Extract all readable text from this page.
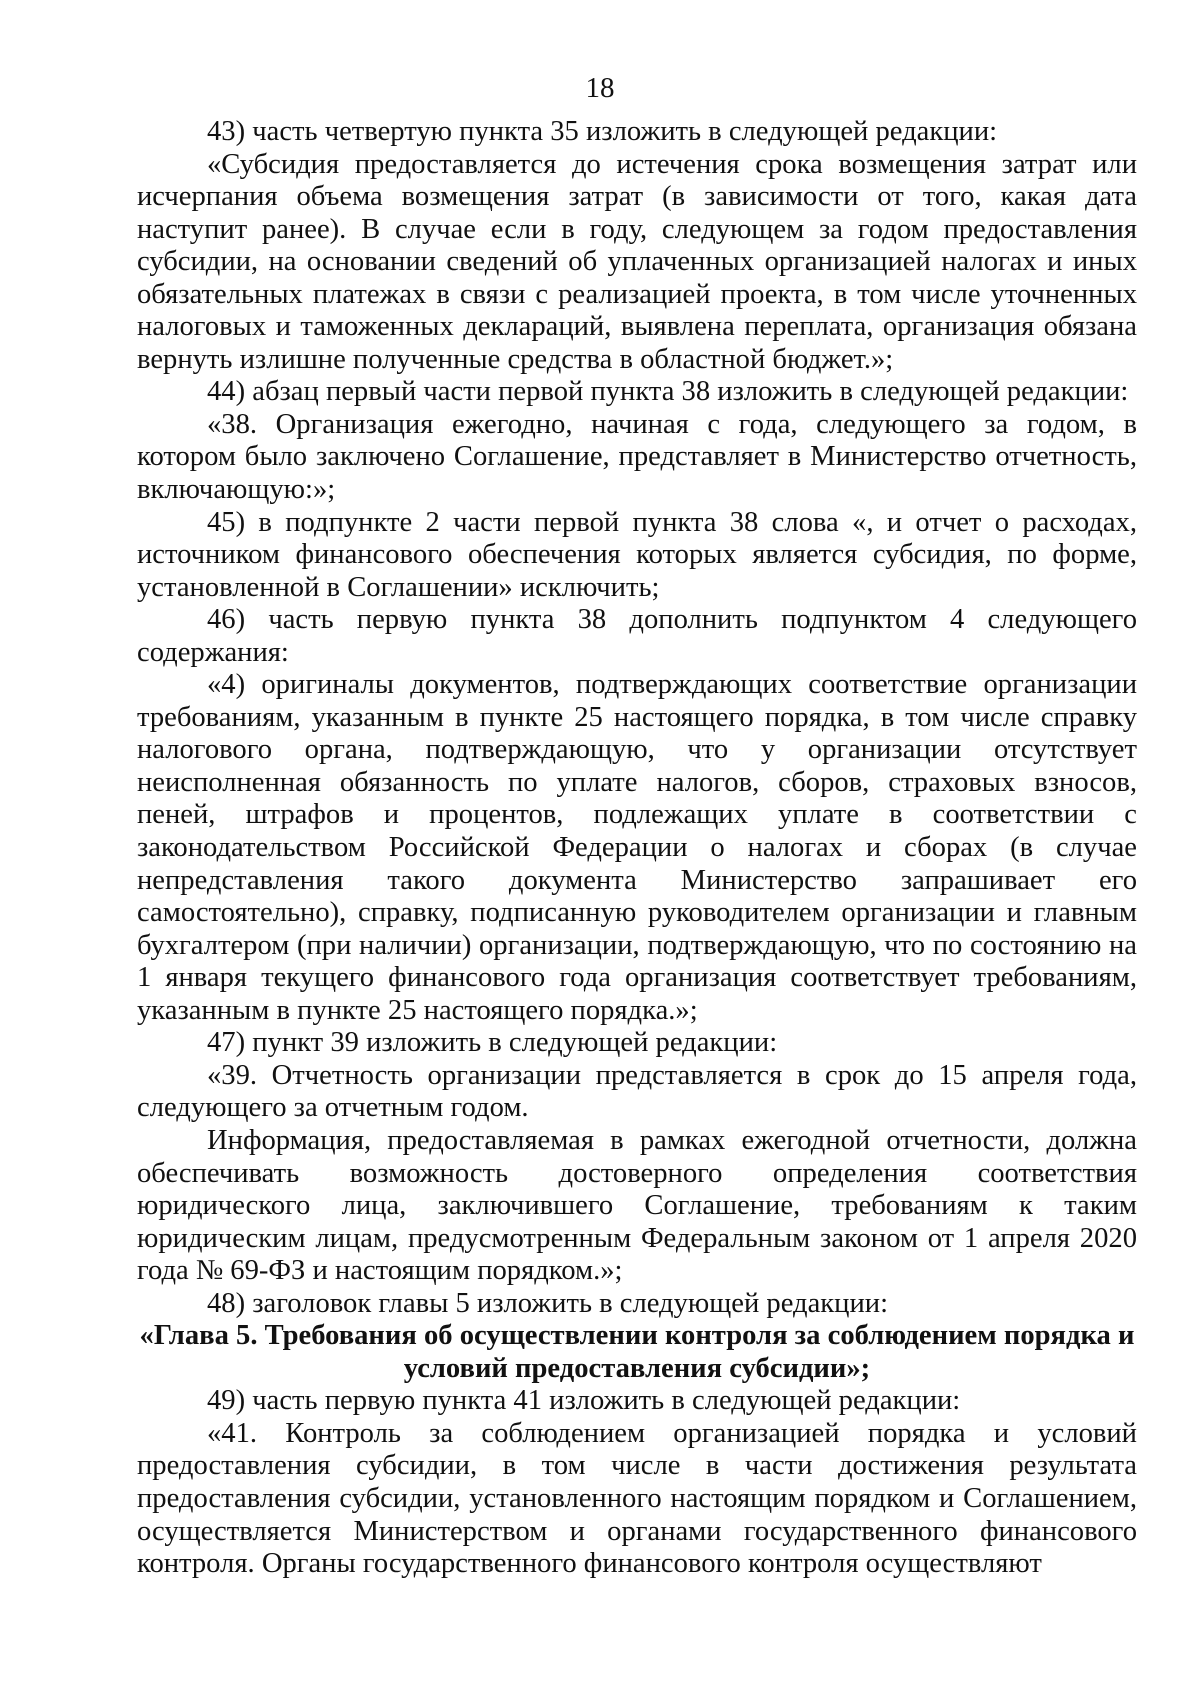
18

43) часть четвертую пункта 35 изложить в следующей редакции:

«Субсидия предоставляется до истечения срока возмещения затрат или исчерпания объема возмещения затрат (в зависимости от того, какая дата наступит ранее). В случае если в году, следующем за годом предоставления субсидии, на основании сведений об уплаченных организацией налогах и иных обязательных платежах в связи с реализацией проекта, в том числе уточненных налоговых и таможенных деклараций, выявлена переплата, организация обязана вернуть излишне полученные средства в областной бюджет.»;

44) абзац первый части первой пункта 38 изложить в следующей редакции:

«38. Организация ежегодно, начиная с года, следующего за годом, в котором было заключено Соглашение, представляет в Министерство отчетность, включающую:»;

45) в подпункте 2 части первой пункта 38 слова «, и отчет о расходах, источником финансового обеспечения которых является субсидия, по форме, установленной в Соглашении» исключить;

46) часть первую пункта 38 дополнить подпунктом 4 следующего содержания:

«4) оригиналы документов, подтверждающих соответствие организации требованиям, указанным в пункте 25 настоящего порядка, в том числе справку налогового органа, подтверждающую, что у организации отсутствует неисполненная обязанность по уплате налогов, сборов, страховых взносов, пеней, штрафов и процентов, подлежащих уплате в соответствии с законодательством Российской Федерации о налогах и сборах (в случае непредставления такого документа Министерство запрашивает его самостоятельно), справку, подписанную руководителем организации и главным бухгалтером (при наличии) организации, подтверждающую, что по состоянию на 1 января текущего финансового года организация соответствует требованиям, указанным в пункте 25 настоящего порядка.»;

47) пункт 39 изложить в следующей редакции:

«39. Отчетность организации представляется в срок до 15 апреля года, следующего за отчетным годом.

Информация, предоставляемая в рамках ежегодной отчетности, должна обеспечивать возможность достоверного определения соответствия юридического лица, заключившего Соглашение, требованиям к таким юридическим лицам, предусмотренным Федеральным законом от 1 апреля 2020 года № 69-ФЗ и настоящим порядком.»;

48) заголовок главы 5 изложить в следующей редакции:

«Глава 5. Требования об осуществлении контроля за соблюдением порядка и условий предоставления субсидии»;

49) часть первую пункта 41 изложить в следующей редакции:

«41. Контроль за соблюдением организацией порядка и условий предоставления субсидии, в том числе в части достижения результата предоставления субсидии, установленного настоящим порядком и Соглашением, осуществляется Министерством и органами государственного финансового контроля. Органы государственного финансового контроля осуществляют
